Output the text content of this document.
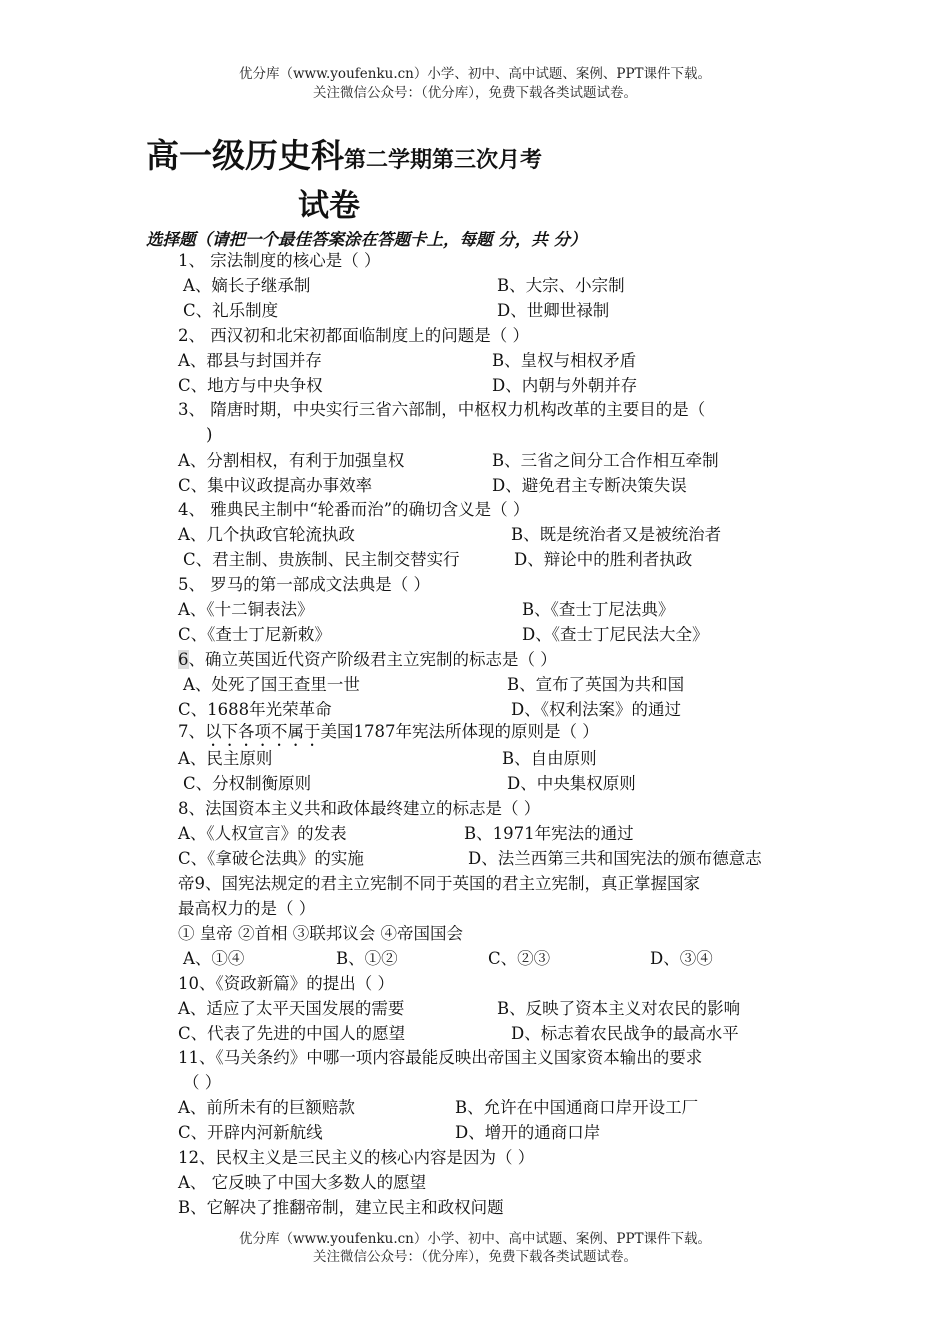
优分库（www.youfenku.cn）小学、初中、高中试题、案例、PPT课件下载。
关注微信公众号：（优分库），免费下载各类试题试卷。
高一级历史科第二学期第三次月考
试卷
选择题（请把一个最佳答案涂在答题卡上，每题 分，共 分）
1、 宗法制度的核心是（ ）
A、嫡长子继承制	B、大宗、小宗制
C、礼乐制度	D、世卿世禄制
2、 西汉初和北宋初都面临制度上的问题是（ ）
A、郡县与封国并存	B、皇权与相权矛盾
C、地方与中央争权	D、内朝与外朝并存
3、 隋唐时期，中央实行三省六部制，中枢权力机构改革的主要目的是（
)
A、分割相权，有利于加强皇权	B、三省之间分工合作相互牵制
C、集中议政提高办事效率	D、避免君主专断决策失误
4、 雅典民主制中“轮番而治”的确切含义是（ ）
A、几个执政官轮流执政	B、既是统治者又是被统治者
C、君主制、贵族制、民主制交替实行	D、辩论中的胜利者执政
5、 罗马的第一部成文法典是（ ）
A、《十二铜表法》	B、《查士丁尼法典》
C、《查士丁尼新敕》	D、《查士丁尼民法大全》
6、确立英国近代资产阶级君主立宪制的标志是（ ）
A、处死了国王查里一世	B、宣布了英国为共和国
C、1688年光荣革命	D、《权利法案》的通过
7、以下各项不属于美国1787年宪法所体现的原则是（ ）
A、民主原则	B、自由原则
C、分权制衡原则	D、中央集权原则
8、法国资本主义共和政体最终建立的标志是（ ）
A、《人权宣言》的发表	B、1971年宪法的通过
C、《拿破仑法典》的实施	D、法兰西第三共和国宪法的颁布德意志
帝9、国宪法规定的君主立宪制不同于英国的君主立宪制，真正掌握国家
最高权力的是（ ）
① 皇帝 ②首相 ③联邦议会 ④帝国国会
A、①④	B、①②	C、②③	D、③④
10、《资政新篇》的提出（ ）
A、适应了太平天国发展的需要	B、反映了资本主义对农民的影响
C、代表了先进的中国人的愿望	D、标志着农民战争的最高水平
11、《马关条约》中哪一项内容最能反映出帝国主义国家资本输出的要求
（ ）
A、前所未有的巨额赔款	B、允许在中国通商口岸开设工厂
C、开辟内河新航线	D、增开的通商口岸
12、民权主义是三民主义的核心内容是因为（ ）
A、 它反映了中国大多数人的愿望
B、它解决了推翻帝制，建立民主和政权问题
优分库（www.youfenku.cn）小学、初中、高中试题、案例、PPT课件下载。
关注微信公众号：（优分库），免费下载各类试题试卷。
